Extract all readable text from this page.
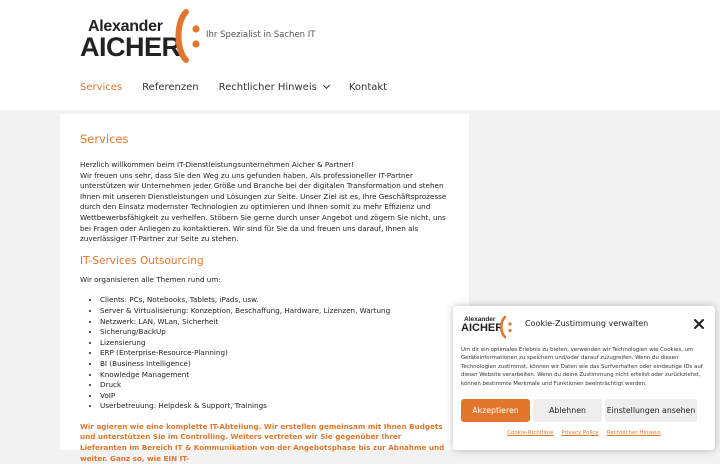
Alexander
AICHER	Ihr Spezialist in Sachen IT
Services Referenzen Rechtlicher Hinweis	Kontakt
Services

Herzlich willkommen beim IT-Dienstleistungsunternehmen Aicher & Partner!
Wir freuen uns sehr, dass Sie den Weg zu uns gefunden haben. Als professioneller IT-Partner unterstützen wir Unternehmen jeder Größe und Branche bei der digitalen Transformation und stehen Ihnen mit unseren Dienstleistungen und Lösungen zur Seite. Unser Ziel ist es, Ihre Geschäftsprozesse durch den Einsatz modernster Technologien zu optimieren und Ihnen somit zu mehr Effizienz und Wettbewerbsfähigkeit zu verhelfen. Stöbern Sie gerne durch unser Angebot und zögern Sie nicht, uns bei Fragen oder Anliegen zu kontaktieren. Wir sind für Sie da und freuen uns darauf, Ihnen als zuverlässiger IT-Partner zur Seite zu stehen.

IT-Services Outsourcing

Wir organisieren alle Themen rund um:

• Clients: PCs, Notebooks, Tablets, iPads, usw.
• Server & Virtualisierung: Konzeption, Beschaffung, Hardware, Lizenzen, Wartung
• Netzwerk: LAN, WLan, Sicherheit
• Sicherung/BackUp
• Lizensierung
• ERP (Enterprise-Resource-Planning)
• BI (Business Intelligence)
• Knowledge Management
• Druck
• VoIP
• Userbetreuung: Helpdesk & Support, Trainings

Wir agieren wie eine komplette IT-Abteilung. Wir erstellen gemeinsam mit Ihnen Budgets und unterstützen Sie im Controlling. Weiters vertreten wir Sie gegenüber Ihrer Lieferanten im Bereich IT & Kommunikation von der Angebotsphase bis zur Abnahme und weiter. Ganz so, wie EIN IT-

Alexander
AICHER	Cookie-Zustimmung verwalten
Um dir ein optimales Erlebnis zu bieten, verwenden wir Technologien wie Cookies, um Geräteinformationen zu speichern und/oder darauf zuzugreifen. Wenn du diesen Technologien zustimmst, können wir Daten wie das Surfverhalten oder eindeutige IDs auf dieser Website verarbeiten. Wenn du deine Zustimmung nicht erteilst oder zurückziehst, können bestimmte Merkmale und Funktionen beeinträchtigt werden.
Akzeptieren	Ablehnen	Einstellungen ansehen
Cookie-Richtlinie Privacy Policy Rechtlicher Hinweis
